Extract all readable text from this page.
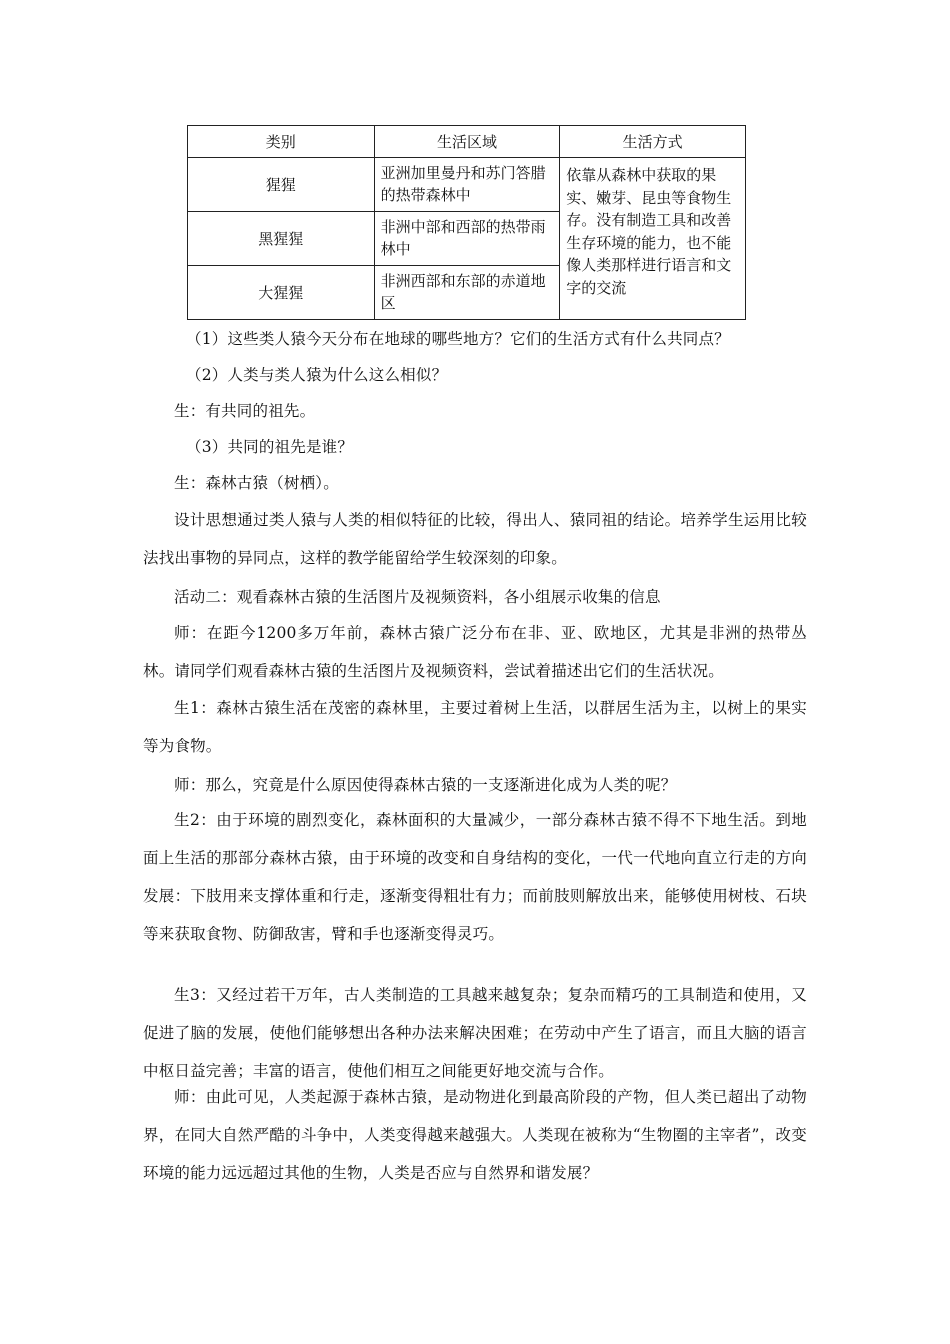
类别	生活区域	生活方式
猩猩	亚洲加里曼丹和苏门答腊的热带森林中	依靠从森林中获取的果实、嫩芽、昆虫等食物生存。没有制造工具和改善生存环境的能力，也不能像人类那样进行语言和文字的交流
黑猩猩	非洲中部和西部的热带雨林中	
大猩猩	非洲西部和东部的赤道地区	
（1）这些类人猿今天分布在地球的哪些地方？它们的生活方式有什么共同点？
（2）人类与类人猿为什么这么相似？
生：有共同的祖先。
（3）共同的祖先是谁？
生：森林古猿（树栖）。
设计思想通过类人猿与人类的相似特征的比较，得出人、猿同祖的结论。培养学生运用比较法找出事物的异同点，这样的教学能留给学生较深刻的印象。
活动二：观看森林古猿的生活图片及视频资料，各小组展示收集的信息
师：在距今1200多万年前，森林古猿广泛分布在非、亚、欧地区，尤其是非洲的热带丛林。请同学们观看森林古猿的生活图片及视频资料，尝试着描述出它们的生活状况。
生1：森林古猿生活在茂密的森林里，主要过着树上生活，以群居生活为主，以树上的果实等为食物。
师：那么，究竟是什么原因使得森林古猿的一支逐渐进化成为人类的呢？
生2：由于环境的剧烈变化，森林面积的大量减少，一部分森林古猿不得不下地生活。到地面上生活的那部分森林古猿，由于环境的改变和自身结构的变化，一代一代地向直立行走的方向发展：下肢用来支撑体重和行走，逐渐变得粗壮有力；而前肢则解放出来，能够使用树枝、石块等来获取食物、防御敌害，臂和手也逐渐变得灵巧。
生3：又经过若干万年，古人类制造的工具越来越复杂；复杂而精巧的工具制造和使用，又促进了脑的发展，使他们能够想出各种办法来解决困难；在劳动中产生了语言，而且大脑的语言中枢日益完善；丰富的语言，使他们相互之间能更好地交流与合作。
师：由此可见，人类起源于森林古猿，是动物进化到最高阶段的产物，但人类已超出了动物界，在同大自然严酷的斗争中，人类变得越来越强大。人类现在被称为“生物圈的主宰者”，改变环境的能力远远超过其他的生物，人类是否应与自然界和谐发展？
